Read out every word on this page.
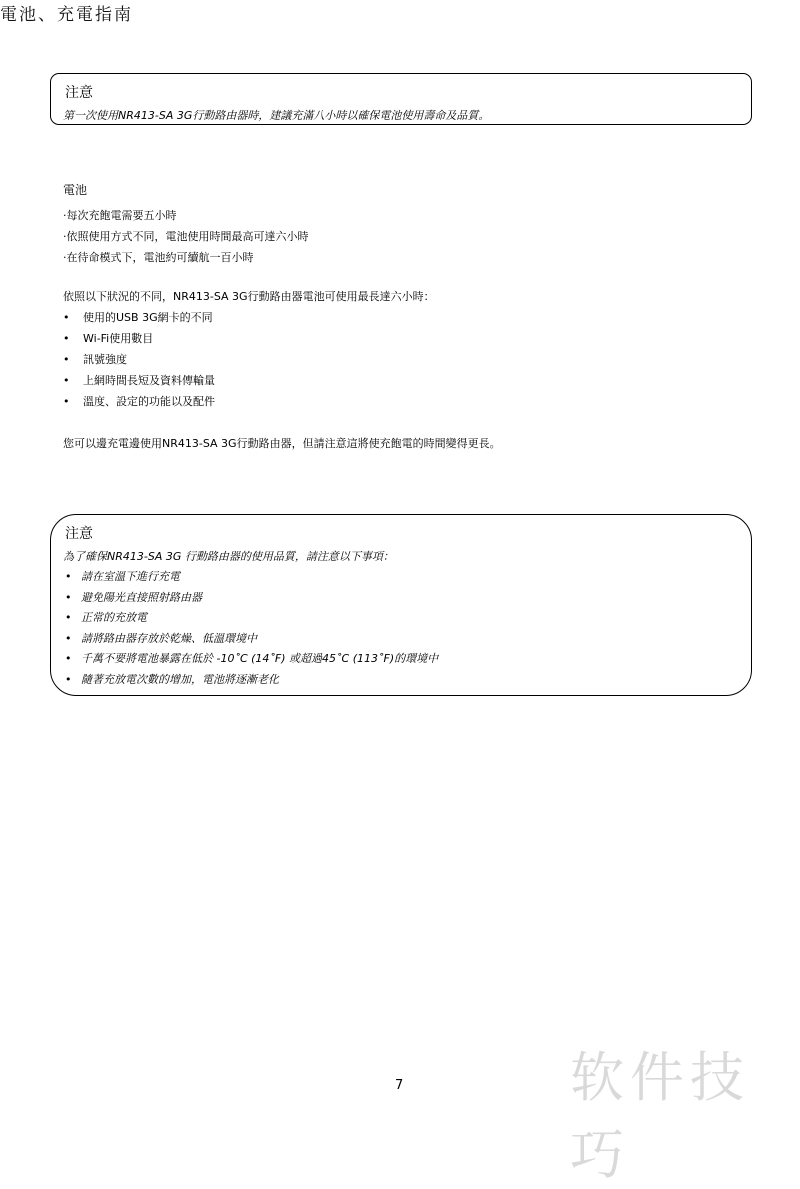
電池、充電指南
注意

第一次使用NR413-SA 3G行動路由器時，建議充滿八小時以確保電池使用壽命及品質。

電池
‧每次充飽電需要五小時
‧依照使用方式不同，電池使用時間最高可達六小時
‧在待命模式下，電池約可續航一百小時

依照以下狀況的不同，NR413-SA 3G行動路由器電池可使用最長達六小時：

• 使用的USB 3G網卡的不同
• Wi-Fi使用數目
• 訊號強度
• 上網時間長短及資料傳輸量
• 溫度、設定的功能以及配件

您可以邊充電邊使用NR413-SA 3G行動路由器，但請注意這將使充飽電的時間變得更長。

注意

為了確保NR413-SA 3G 行動路由器的使用品質，請注意以下事項：

• 請在室溫下進行充電
• 避免陽光直接照射路由器
• 正常的充放電
• 請將路由器存放於乾燥、低溫環境中
• 千萬不要將電池暴露在低於 -10˚C (14˚F) 或超過45˚C (113˚F)的環境中
• 隨著充放電次數的增加，電池將逐漸老化
7	软件技巧
